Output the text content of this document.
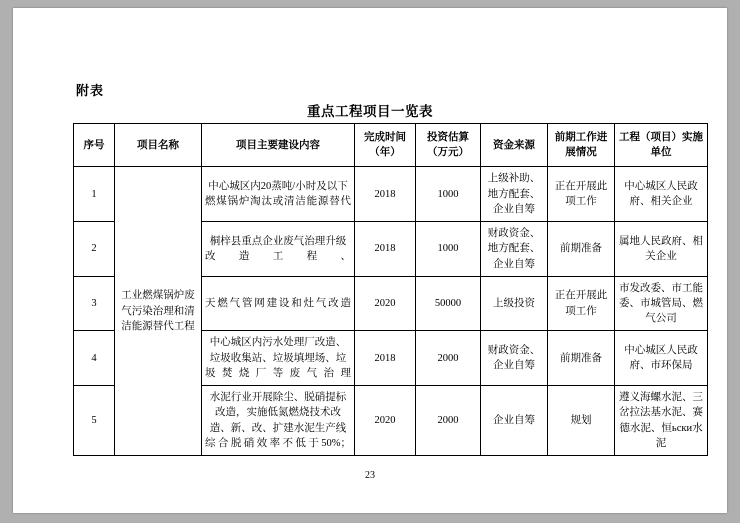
附表
重点工程项目一览表
序号	项目名称	项目主要建设内容	完成时间（年）	投资估算（万元）	资金来源	前期工作进展情况	工程（项目）实施单位
1	工业燃煤锅炉废气污染治理和清洁能源替代工程	中心城区内20蒸吨/小时及以下燃煤锅炉淘汰或清洁能源替代	2018	1000	上级补助、地方配套、企业自筹	正在开展此项工作	中心城区人民政府、相关企业
2		桐梓县重点企业废气治理升级改造工程、	2018	1000	财政资金、地方配套、企业自筹	前期准备	属地人民政府、相关企业
3		天燃气管网建设和灶气改造	2020	50000	上级投资	正在开展此项工作	市发改委、市工能委、市城管局、燃气公司
4		中心城区内污水处理厂改造、垃圾收集站、垃圾填埋场、垃圾焚烧厂等废气治理	2018	2000	财政资金、企业自筹	前期准备	中心城区人民政府、市环保局
5		水泥行业开展除尘、脱硝提标改造，实施低氮燃烧技术改造、新、改、扩建水泥生产线综合脱硝效率不低于50%；	2020	2000	企业自筹	规划	遵义海螺水泥、三岔拉法基水泥、赛德水泥、恒ьски水泥
23
